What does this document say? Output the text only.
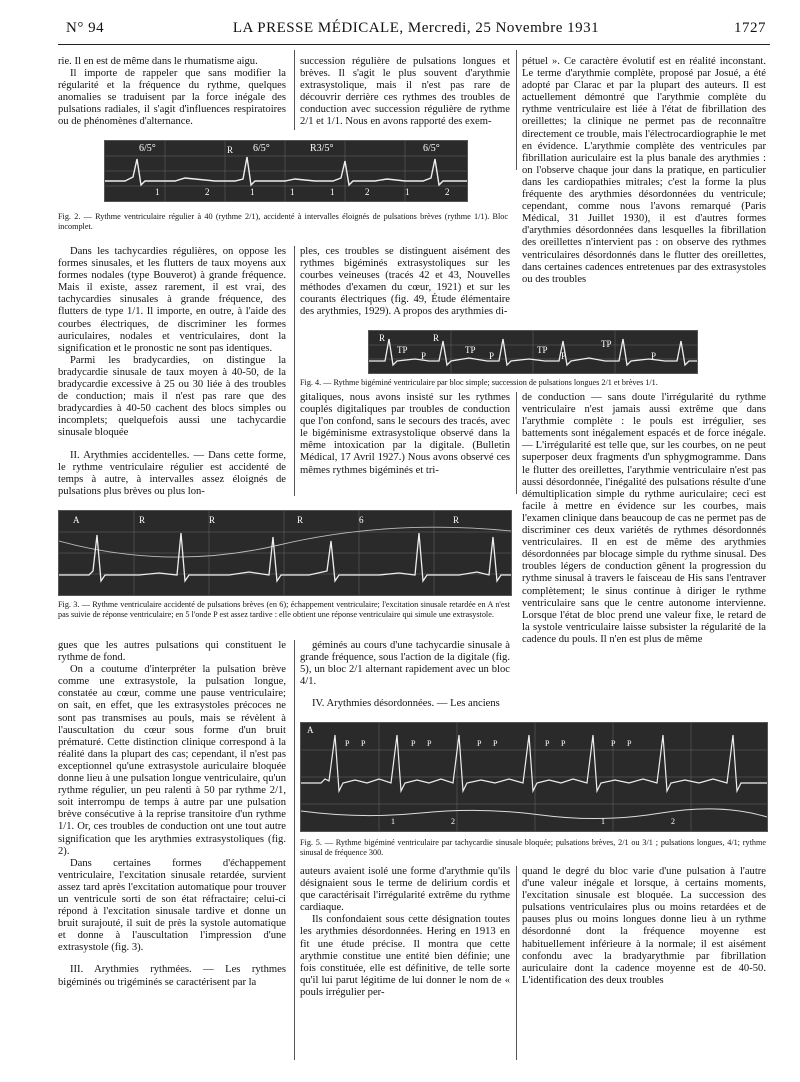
N° 94	LA PRESSE MÉDICALE, Mercredi, 25 Novembre 1931	1727

rie. Il en est de même dans le rhumatisme aigu.

Il importe de rappeler que sans modifier la régularité et la fréquence du rythme, quelques anomalies se traduisent par la force inégale des pulsations radiales, il s'agit d'influences respiratoires ou de phénomènes d'alternance.

succession régulière de pulsations longues et brèves. Il s'agit le plus souvent d'arythmie extrasystolique, mais il n'est pas rare de découvrir derrière ces rythmes des troubles de conduction avec succession régulière de rythme 2/1 et 1/1. Nous en avons rapporté des exem-

pétuel ». Ce caractère évolutif est en réalité inconstant. Le terme d'arythmie complète, proposé par Josué, a été adopté par Clarac et par la plupart des auteurs. Il est actuellement démontré que l'arythmie complète du rythme ventriculaire est liée à l'état de fibrillation des oreillettes; la clinique ne permet pas de reconnaître directement ce trouble, mais l'électrocardiographie le met en évidence. L'arythmie complète des ventricules par fibrillation auriculaire est la plus banale des arythmies : on l'observe chaque jour dans la pratique, en particulier dans les cardiopathies mitrales; c'est la forme la plus fréquente des arythmies désordonnées du ventricule; cependant, comme nous l'avons remarqué (Paris Médical, 31 Juillet 1930), il est d'autres formes d'arythmies désordonnées dans lesquelles la fibrillation des oreillettes n'intervient pas : on observe des rythmes ventriculaires désordonnés dans le flutter des oreillettes, dans certaines cadences entretenues par des extrasystoles ou des troubles

6/5°	R 6/5°	R3/5°	6/5°
1	2	1	1	1	2	1	2
Fig. 2. — Rythme ventriculaire régulier à 40 (rythme 2/1), accidenté à intervalles éloignés de pulsations brèves (rythme 1/1). Bloc incomplet.

Dans les tachycardies régulières, on oppose les formes sinusales, et les flutters de taux moyens aux formes nodales (type Bouverot) à grande fréquence. Mais il existe, assez rarement, il est vrai, des tachycardies sinusales à grande fréquence, des flutters de type 1/1. Il importe, en outre, à l'aide des courbes électriques, de discriminer les formes auriculaires, nodales et ventriculaires, dont la signification et le pronostic ne sont pas identiques.

Parmi les bradycardies, on distingue la bradycardie sinusale de taux moyen à 40-50, de la bradycardie excessive à 25 ou 30 liée à des troubles de conduction; mais il n'est pas rare que des bradycardies à 40-50 cachent des blocs simples ou incomplets; quelquefois aussi une tachycardie sinusale bloquée

II. Arythmies accidentelles. — Dans cette forme, le rythme ventriculaire régulier est accidenté de temps à autre, à intervalles assez éloignés de pulsations plus brèves ou plus lon-

ples, ces troubles se distinguent aisément des rythmes bigéminés extrasystoliques sur les courbes veineuses (tracés 42 et 43, Nouvelles méthodes d'examen du cœur, 1921) et sur les courants électriques (fig. 49, Étude élémentaire des arythmies, 1929). A propos des arythmies di-

R	R
TP
P
TP
P
TP
P
TP
P
Fig. 4. — Rythme bigéminé ventriculaire par bloc simple; succession de pulsations longues 2/1 et brèves 1/1.

gitaliques, nous avons insisté sur les rythmes couplés digitaliques par troubles de conduction que l'on confond, sans le secours des tracés, avec le bigéminisme extrasystolique observé dans la même intoxication par la digitale. (Bulletin Médical, 17 Avril 1927.) Nous avons observé ces mêmes rythmes bigéminés et tri-

de conduction — sans doute l'irrégularité du rythme ventriculaire n'est jamais aussi extrême que dans l'arythmie complète : le pouls est irrégulier, ses battements sont inégalement espacés et de force inégale. — L'irrégularité est telle que, sur les courbes, on ne peut superposer deux fragments d'un sphygmogramme. Dans le flutter des oreillettes, l'arythmie ventriculaire n'est pas aussi désordonnée, l'inégalité des pulsations résulte d'une démultiplication simple du rythme auriculaire; ceci est facile à mettre en évidence sur les courbes, mais l'examen clinique dans beaucoup de cas ne permet pas de discriminer ces deux variétés de rythmes désordonnés ventriculaires. Il en est de même des arythmies désordonnées par blocage simple du rythme sinusal. Des troubles légers de conduction gênent la progression du rythme sinusal à travers le faisceau de His sans l'entraver complètement; le sinus continue à diriger le rythme ventriculaire sans que le centre autonome intervienne. Lorsque l'état de bloc prend une valeur fixe, le retard de la systole ventriculaire laisse subsister la régularité de la cadence du pouls. Il n'en est plus de même

A	R	R	R	6	R
Fig. 3. — Rythme ventriculaire accidenté de pulsations brèves (en 6); échappement ventriculaire; l'excitation sinusale retardée en A n'est pas suivie de réponse ventriculaire; en 5 l'onde P est assez tardive : elle obtient une réponse ventriculaire qui simule une extrasystole.

gues que les autres pulsations qui constituent le rythme de fond.

On a coutume d'interpréter la pulsation brève comme une extrasystole, la pulsation longue, constatée au cœur, comme une pause ventriculaire; on sait, en effet, que les extrasystoles précoces ne sont pas transmises au pouls, mais se révèlent à l'auscultation du cœur sous forme d'un bruit prématuré. Cette distinction clinique correspond à la réalité dans la plupart des cas; cependant, il n'est pas exceptionnel qu'une extrasystole auriculaire bloquée donne lieu à une pulsation longue ventriculaire, qu'un rythme régulier, un peu ralenti à 50 par rythme 2/1, soit interrompu de temps à autre par une pulsation brève consécutive à la reprise transitoire d'un rythme 1/1. Or, ces troubles de conduction ont une tout autre signification que les arythmies extrasystoliques (fig. 2).

Dans certaines formes d'échappement ventriculaire, l'excitation sinusale retardée, survient assez tard après l'excitation automatique pour trouver un ventricule sorti de son état réfractaire; celui-ci répond à l'excitation sinusale tardive et donne un bruit surajouté, il suit de près la systole automatique et donne à l'auscultation l'impression d'une extrasystole (fig. 3).

III. Arythmies rythmées. — Les rythmes bigéminés ou trigéminés se caractérisent par la

géminés au cours d'une tachycardie sinusale à grande fréquence, sous l'action de la digitale (fig. 5), un bloc 2/1 alternant rapidement avec un bloc 4/1.

IV. Arythmies désordonnées. — Les anciens

A
P P	P P	P P	P P	P P
1	2	1	2
Fig. 5. — Rythme bigéminé ventriculaire par tachycardie sinusale bloquée; pulsations brèves, 2/1 ou 3/1 ; pulsations longues, 4/1; rythme sinusal de fréquence 300.

auteurs avaient isolé une forme d'arythmie qu'ils désignaient sous le terme de delirium cordis et que caractérisait l'irrégularité extrême du rythme cardiaque.

Ils confondaient sous cette désignation toutes les arythmies désordonnées. Hering en 1913 en fit une étude précise. Il montra que cette arythmie constitue une entité bien définie; une fois constituée, elle est définitive, de telle sorte qu'il lui parut légitime de lui donner le nom de « pouls irrégulier per-

quand le degré du bloc varie d'une pulsation à l'autre d'une valeur inégale et lorsque, à certains moments, l'excitation sinusale est bloquée. La succession des pulsations ventriculaires plus ou moins retardées et de pauses plus ou moins longues donne lieu à un rythme désordonné dont la fréquence moyenne est habituellement inférieure à la normale; il est aisément confondu avec la bradyarythmie par fibrillation auriculaire dont la cadence moyenne est de 40-50. L'identification des deux troubles
